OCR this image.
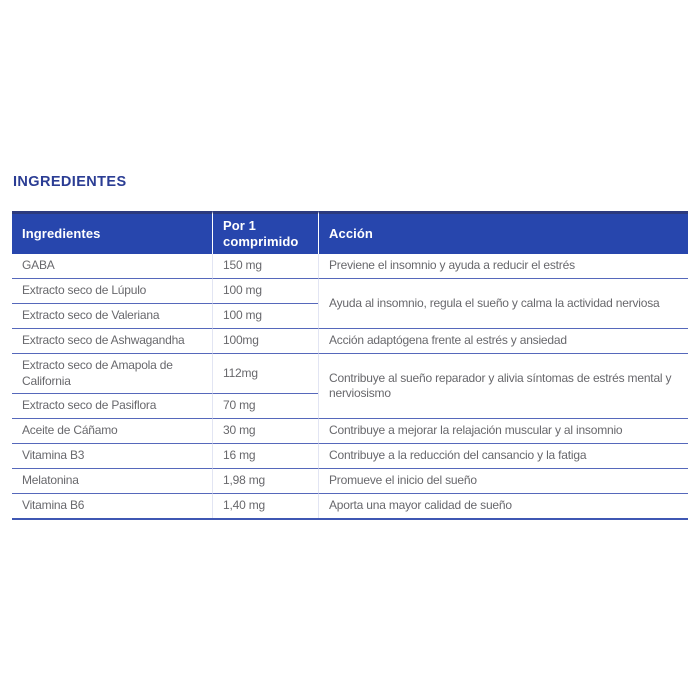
INGREDIENTES
Ingredientes	Por 1 comprimido	Acción
GABA	150 mg	Previene el insomnio y ayuda a reducir el estrés
Extracto seco de Lúpulo	100 mg	Ayuda al insomnio, regula el sueño y calma la actividad nerviosa
Extracto seco de Valeriana	100 mg	
Extracto seco de Ashwagandha	100mg	Acción adaptógena frente al estrés y ansiedad
Extracto seco de Amapola de California	112mg	Contribuye al sueño reparador y alivia síntomas de estrés mental y nerviosismo
Extracto seco de Pasiflora	70 mg	
Aceite de Cáñamo	30 mg	Contribuye a mejorar la relajación muscular y al insomnio
Vitamina B3	16 mg	Contribuye a la reducción del cansancio y la fatiga
Melatonina	1,98 mg	Promueve el inicio del sueño
Vitamina B6	1,40 mg	Aporta una mayor calidad de sueño
